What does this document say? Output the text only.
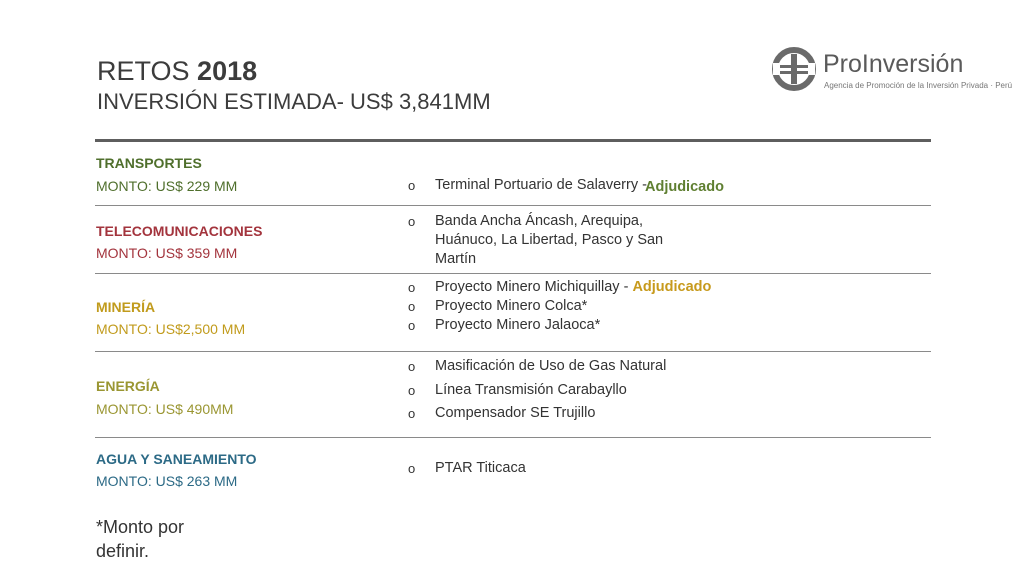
RETOS 2018
INVERSIÓN ESTIMADA- US$ 3,841MM
ProInversión
Agencia de Promoción de la Inversión Privada · Perú
TRANSPORTES
MONTO: US$ 229 MM	o Terminal Portuario de Salaverry - Adjudicado
TELECOMUNICACIONES
MONTO: US$ 359 MM
o Banda Ancha Áncash, Arequipa,
Huánuco, La Libertad, Pasco y San
Martín
MINERÍA
MONTO: US$2,500 MM
o Proyecto Minero Michiquillay - Adjudicado
o Proyecto Minero Colca*
o Proyecto Minero Jalaoca*
ENERGÍA
MONTO: US$ 490MM
o Masificación de Uso de Gas Natural
o Línea Transmisión Carabayllo
o Compensador SE Trujillo
AGUA Y SANEAMIENTO
MONTO: US$ 263 MM
o PTAR Titicaca
*Monto por definir.
